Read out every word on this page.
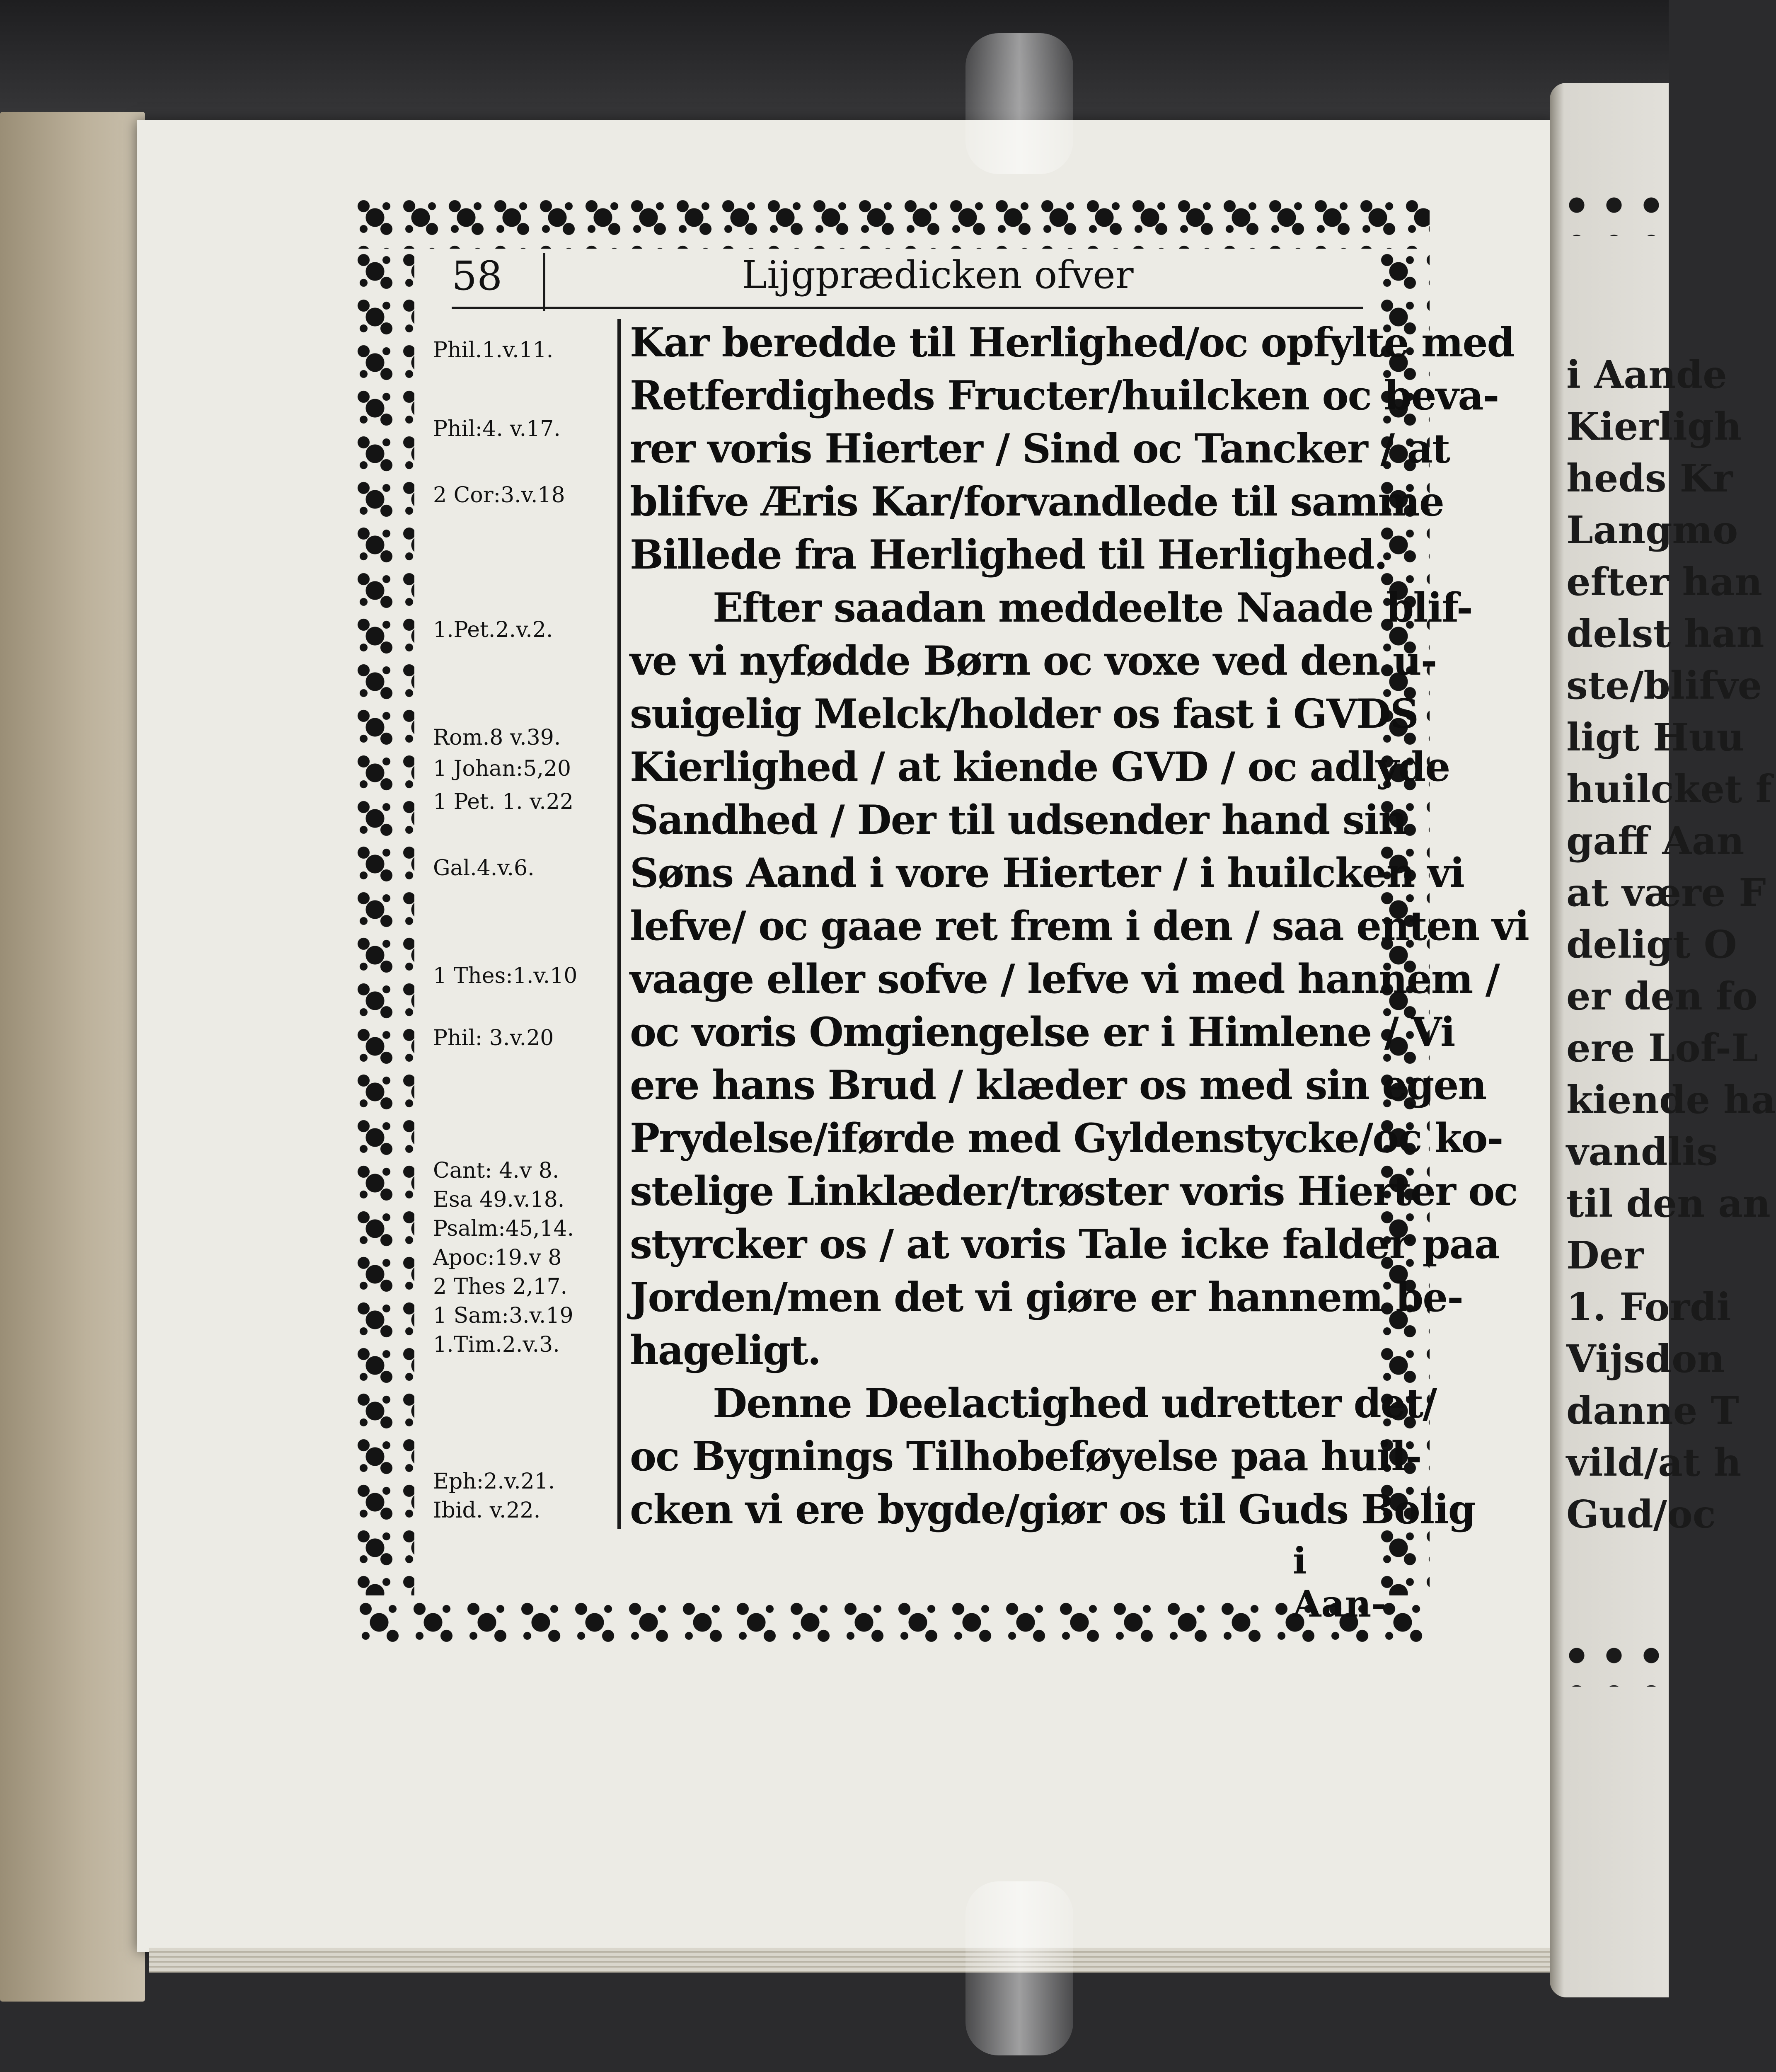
58	Lijgprædicken ofver
Phil.1.v.11.
Phil:4. v.17.
2 Cor:3.v.18
1.Pet.2.v.2.
Rom.8 v.39.
1 Johan:5,20
1 Pet. 1. v.22
Gal.4.v.6.
1 Thes:1.v.10
Phil: 3.v.20
Cant: 4.v 8.
Esa 49.v.18.
Psalm:45,14.
Apoc:19.v 8
2 Thes 2,17.
1 Sam:3.v.19
1.Tim.2.v.3.
Eph:2.v.21.
Ibid. v.22.
Kar beredde til Herlighed/oc opfylte med
Retferdigheds Fructer/huilcken oc beva-
rer voris Hierter / Sind oc Tancker / at
blifve Æris Kar/forvandlede til samme
Billede fra Herlighed til Herlighed.
Efter saadan meddeelte Naade blif-
ve vi nyfødde Børn oc voxe ved den u-
suigelig Melck/holder os fast i GVDS
Kierlighed / at kiende GVD / oc adlyde
Sandhed / Der til udsender hand sin
Søns Aand i vore Hierter / i huilcken vi
lefve/ oc gaae ret frem i den / saa enten vi
vaage eller sofve / lefve vi med hannem /
oc voris Omgiengelse er i Himlene / Vi
ere hans Brud / klæder os med sin egen
Prydelse/iførde med Gyldenstycke/oc ko-
stelige Linklæder/trøster voris Hierter oc
styrcker os / at voris Tale icke falder paa
Jorden/men det vi giøre er hannem be-
hageligt.
Denne Deelactighed udretter det/
oc Bygnings Tilhobeføyelse paa huil-
cken vi ere bygde/giør os til Guds Bolig
i Aan-
i Aande
Kierligh
heds Kr
Langmo
efter han
delst han
ste/blifve
ligt Huu
huilcket f
gaff Aan
at være F
deligt O
er den fo
ere Lof-L
kiende ha
vandlis
til den an
Der
1. Fordi
Vijsdon
danne T
vild/at h
Gud/oc
